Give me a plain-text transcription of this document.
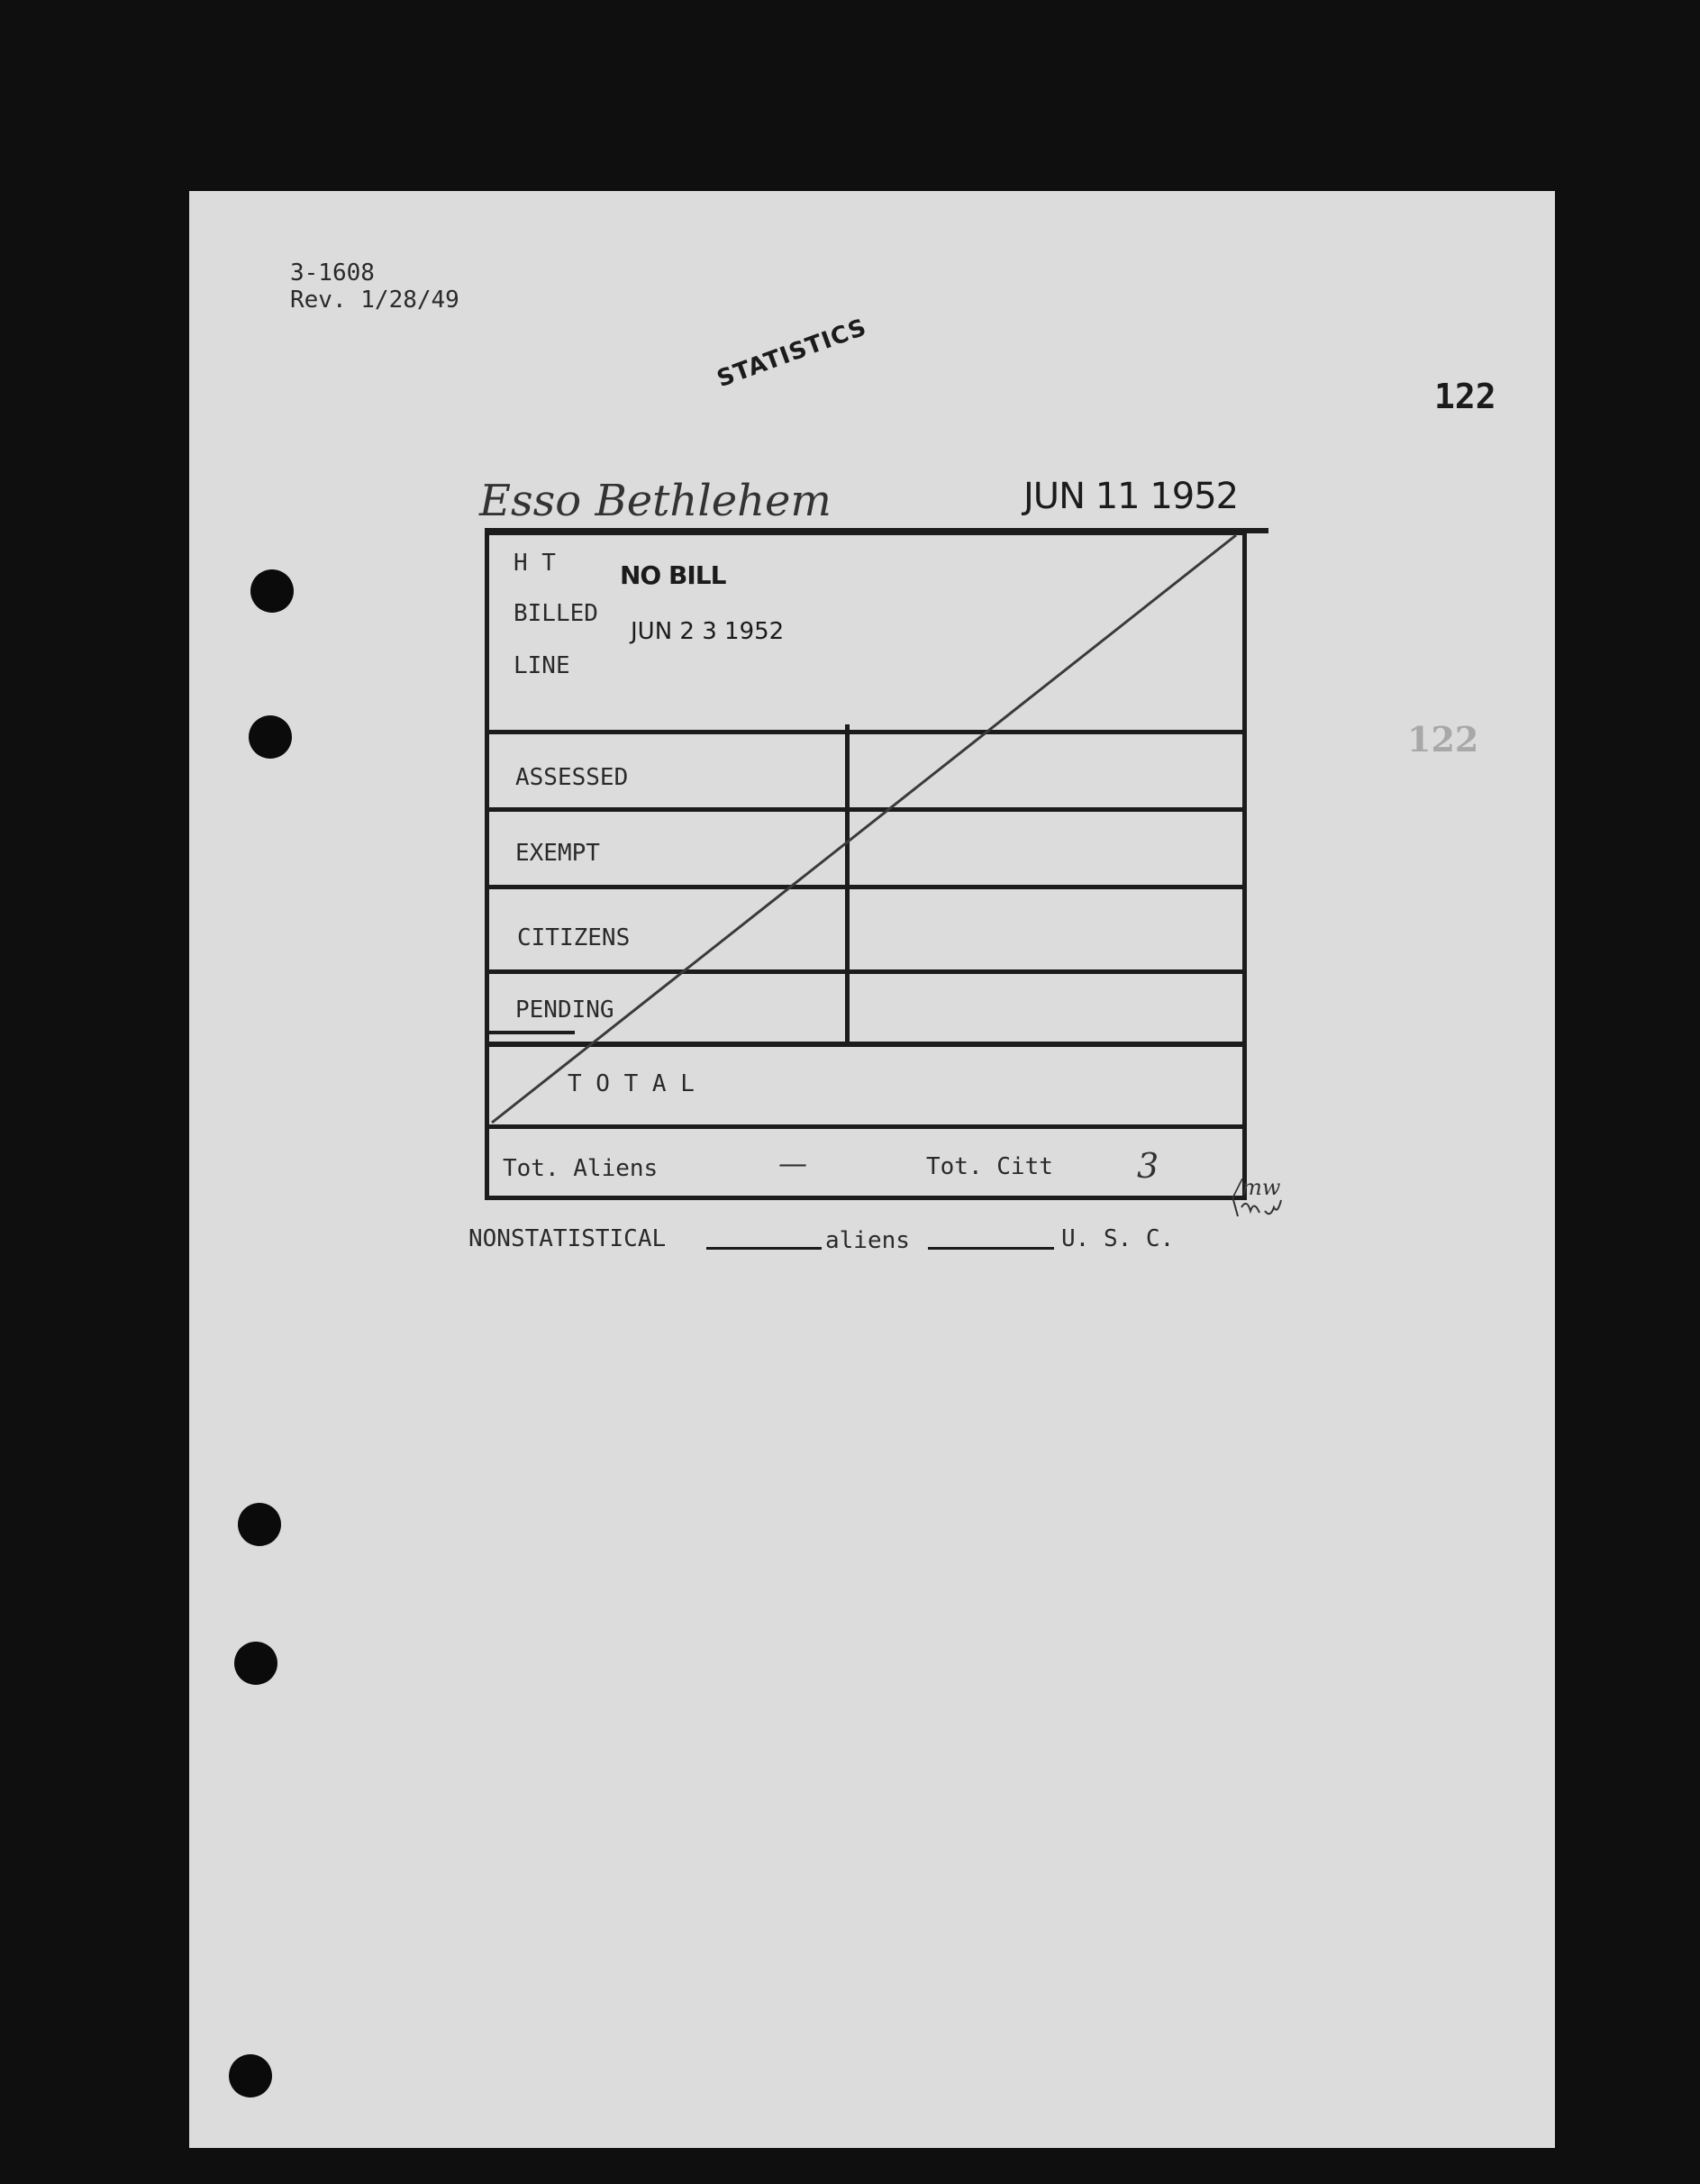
3-1608
Rev. 1/28/49
STATISTICS
122
122
Esso Bethlehem	JUN 11 1952
H T
BILLED
LINE
NO BILL
JUN 2 3 1952
ASSESSED
EXEMPT
CITIZENS
PENDING
T O T A L
Tot. Aliens	—	Tot. Citt 3
/mw
NONSTATISTICAL	aliens	U. S. C.
